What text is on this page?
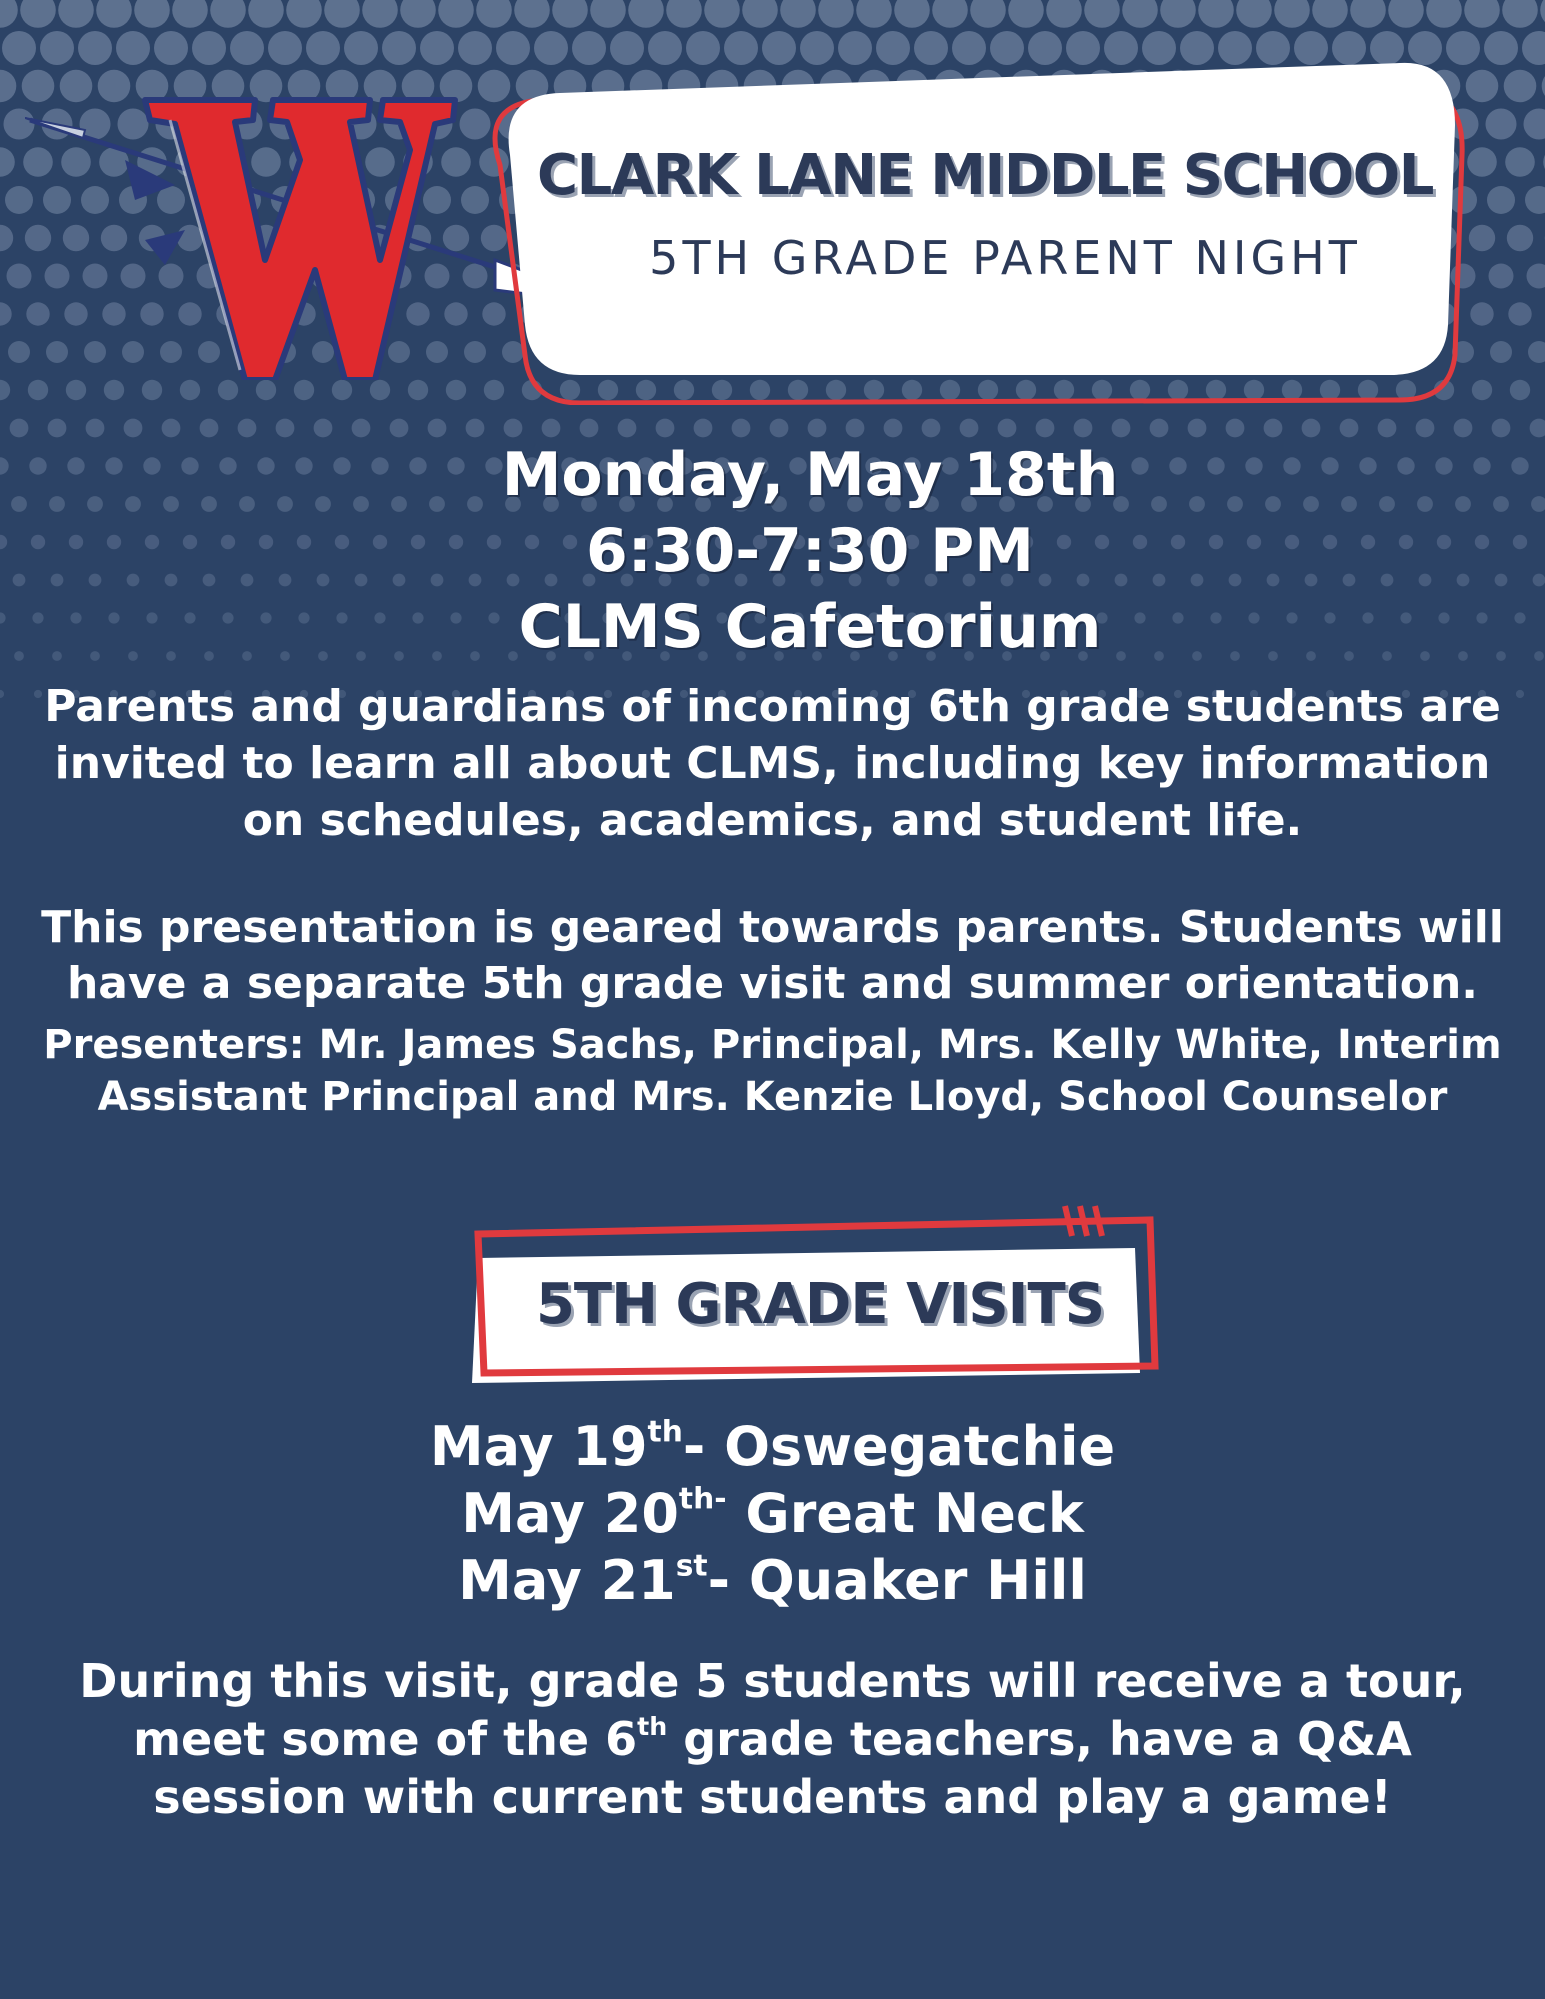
CLARK LANE MIDDLE SCHOOL
5TH GRADE PARENT NIGHT
Monday, May 18th
6:30-7:30 PM
CLMS Cafetorium
Parents and guardians of incoming 6th grade students are
invited to learn all about CLMS, including key information
on schedules, academics, and student life.
This presentation is geared towards parents. Students will
have a separate 5th grade visit and summer orientation.
Presenters: Mr. James Sachs, Principal, Mrs. Kelly White, Interim
Assistant Principal and Mrs. Kenzie Lloyd, School Counselor
5TH GRADE VISITS
May 19th- Oswegatchie
May $20^{th-}$ Great Neck
May 21st- Quaker Hill
During this visit, grade 5 students will receive a tour,
meet some of the 6th grade teachers, have a Q&A
session with current students and play a game!
